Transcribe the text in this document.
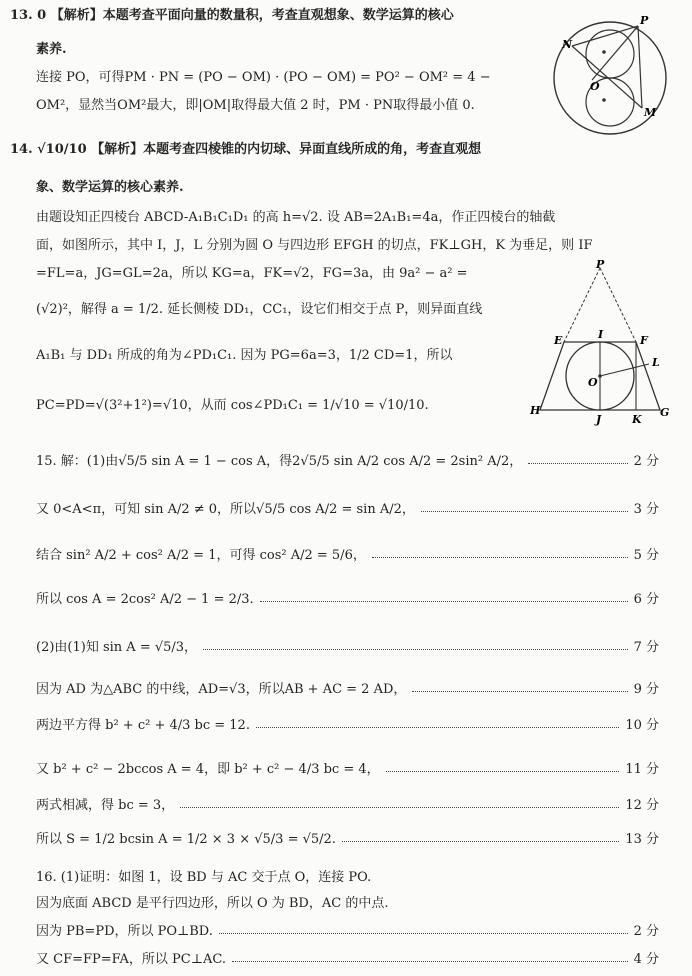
13. 0 【解析】本题考查平面向量的数量积，考查直观想象、数学运算的核心
素养.
连接 PO，可得PM · PN = (PO − OM) · (PO − OM) = PO² − OM² = 4 −
OM²，显然当OM²最大，即|OM|取得最大值 2 时，PM · PN取得最小值 0.
P
N
O
M
14. √10/10 【解析】本题考查四棱锥的内切球、异面直线所成的角，考查直观想
象、数学运算的核心素养.
由题设知正四棱台 ABCD-A₁B₁C₁D₁ 的高 h=√2. 设 AB=2A₁B₁=4a，作正四棱台的轴截
面，如图所示，其中 I，J，L 分别为圆 O 与四边形 EFGH 的切点，FK⊥GH，K 为垂足，则 IF
=FL=a，JG=GL=2a，所以 KG=a，FK=√2，FG=3a，由 9a² − a² =
(√2)²，解得 a = 1/2. 延长侧棱 DD₁，CC₁，设它们相交于点 P，则异面直线
A₁B₁ 与 DD₁ 所成的角为∠PD₁C₁. 因为 PG=6a=3，1/2 CD=1，所以
PC=PD=√(3²+1²)=√10，从而 cos∠PD₁C₁ = 1/√10 = √10/10.
P
E	I	F
L
O
H
J	K
G
15. 解：(1)由√5/5 sin A = 1 − cos A，得2√5/5 sin A/2 cos A/2 = 2sin² A/2，	2 分
又 0<A<π，可知 sin A/2 ≠ 0，所以√5/5 cos A/2 = sin A/2，	3 分
结合 sin² A/2 + cos² A/2 = 1，可得 cos² A/2 = 5/6，	5 分
所以 cos A = 2cos² A/2 − 1 = 2/3.	6 分
(2)由(1)知 sin A = √5/3，	7 分
因为 AD 为△ABC 的中线，AD=√3，所以AB + AC = 2 AD，	9 分
两边平方得 b² + c² + 4/3 bc = 12.	10 分
又 b² + c² − 2bccos A = 4，即 b² + c² − 4/3 bc = 4，	11 分
两式相减，得 bc = 3，	12 分
所以 S = 1/2 bcsin A = 1/2 × 3 × √5/3 = √5/2.	13 分
16. (1)证明：如图 1，设 BD 与 AC 交于点 O，连接 PO.
因为底面 ABCD 是平行四边形，所以 O 为 BD，AC 的中点.
因为 PB=PD，所以 PO⊥BD.	2 分
又 CF=FP=FA，所以 PC⊥AC.	4 分
